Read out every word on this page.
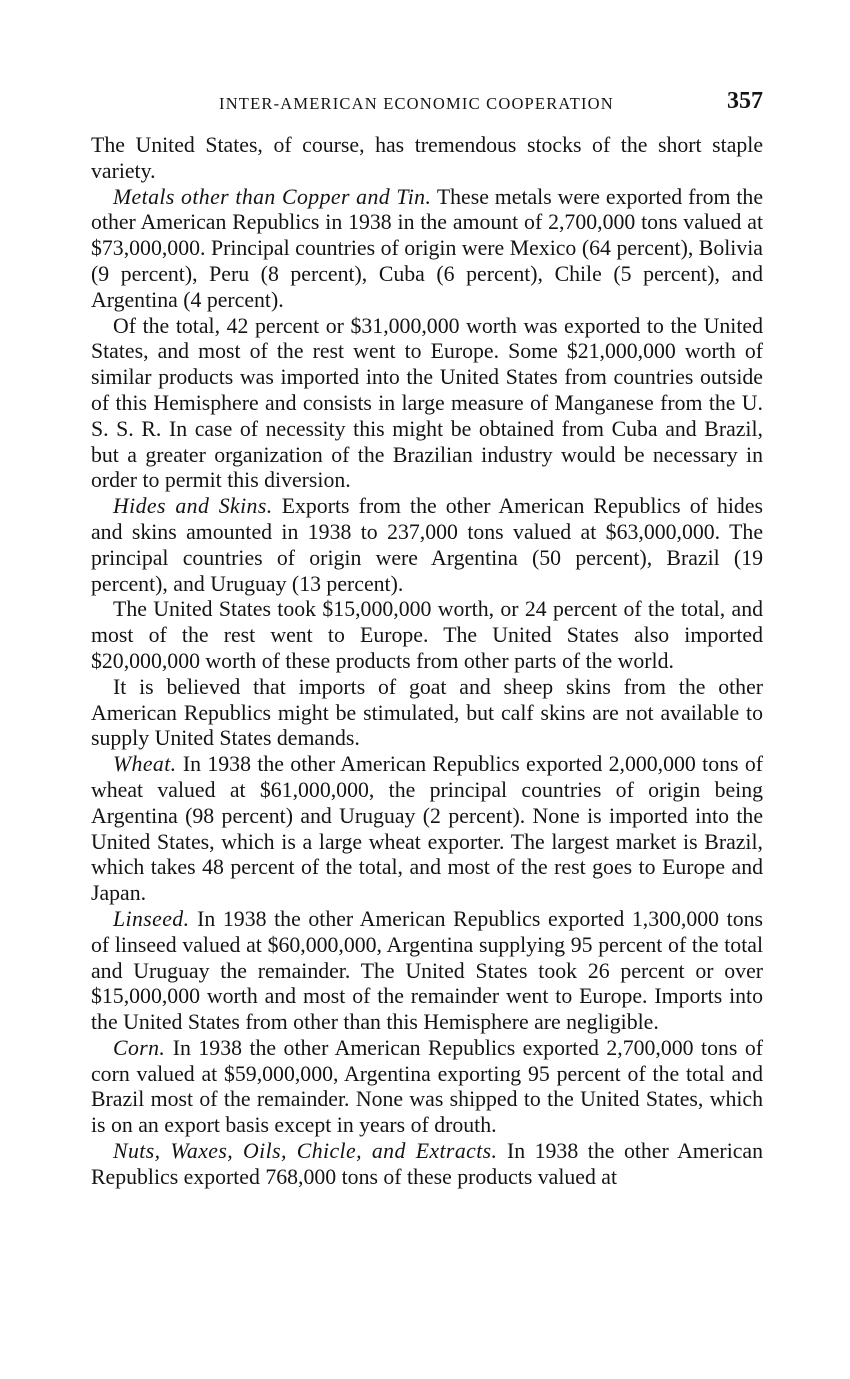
INTER-AMERICAN ECONOMIC COOPERATION	357

The United States, of course, has tremendous stocks of the short staple variety.

Metals other than Copper and Tin. These metals were exported from the other American Republics in 1938 in the amount of 2,700,000 tons valued at $73,000,000. Principal countries of origin were Mexico (64 percent), Bolivia (9 percent), Peru (8 percent), Cuba (6 percent), Chile (5 percent), and Argentina (4 percent).

Of the total, 42 percent or $31,000,000 worth was exported to the United States, and most of the rest went to Europe. Some $21,000,000 worth of similar products was imported into the United States from countries outside of this Hemisphere and consists in large measure of Manganese from the U. S. S. R. In case of necessity this might be obtained from Cuba and Brazil, but a greater organization of the Brazilian industry would be necessary in order to permit this diversion.

Hides and Skins. Exports from the other American Republics of hides and skins amounted in 1938 to 237,000 tons valued at $63,000,000. The principal countries of origin were Argentina (50 percent), Brazil (19 percent), and Uruguay (13 percent).

The United States took $15,000,000 worth, or 24 percent of the total, and most of the rest went to Europe. The United States also imported $20,000,000 worth of these products from other parts of the world.

It is believed that imports of goat and sheep skins from the other American Republics might be stimulated, but calf skins are not available to supply United States demands.

Wheat. In 1938 the other American Republics exported 2,000,000 tons of wheat valued at $61,000,000, the principal countries of origin being Argentina (98 percent) and Uruguay (2 percent). None is imported into the United States, which is a large wheat exporter. The largest market is Brazil, which takes 48 percent of the total, and most of the rest goes to Europe and Japan.

Linseed. In 1938 the other American Republics exported 1,300,000 tons of linseed valued at $60,000,000, Argentina supplying 95 percent of the total and Uruguay the remainder. The United States took 26 percent or over $15,000,000 worth and most of the remainder went to Europe. Imports into the United States from other than this Hemisphere are negligible.

Corn. In 1938 the other American Republics exported 2,700,000 tons of corn valued at $59,000,000, Argentina exporting 95 percent of the total and Brazil most of the remainder. None was shipped to the United States, which is on an export basis except in years of drouth.

Nuts, Waxes, Oils, Chicle, and Extracts. In 1938 the other American Republics exported 768,000 tons of these products valued at
